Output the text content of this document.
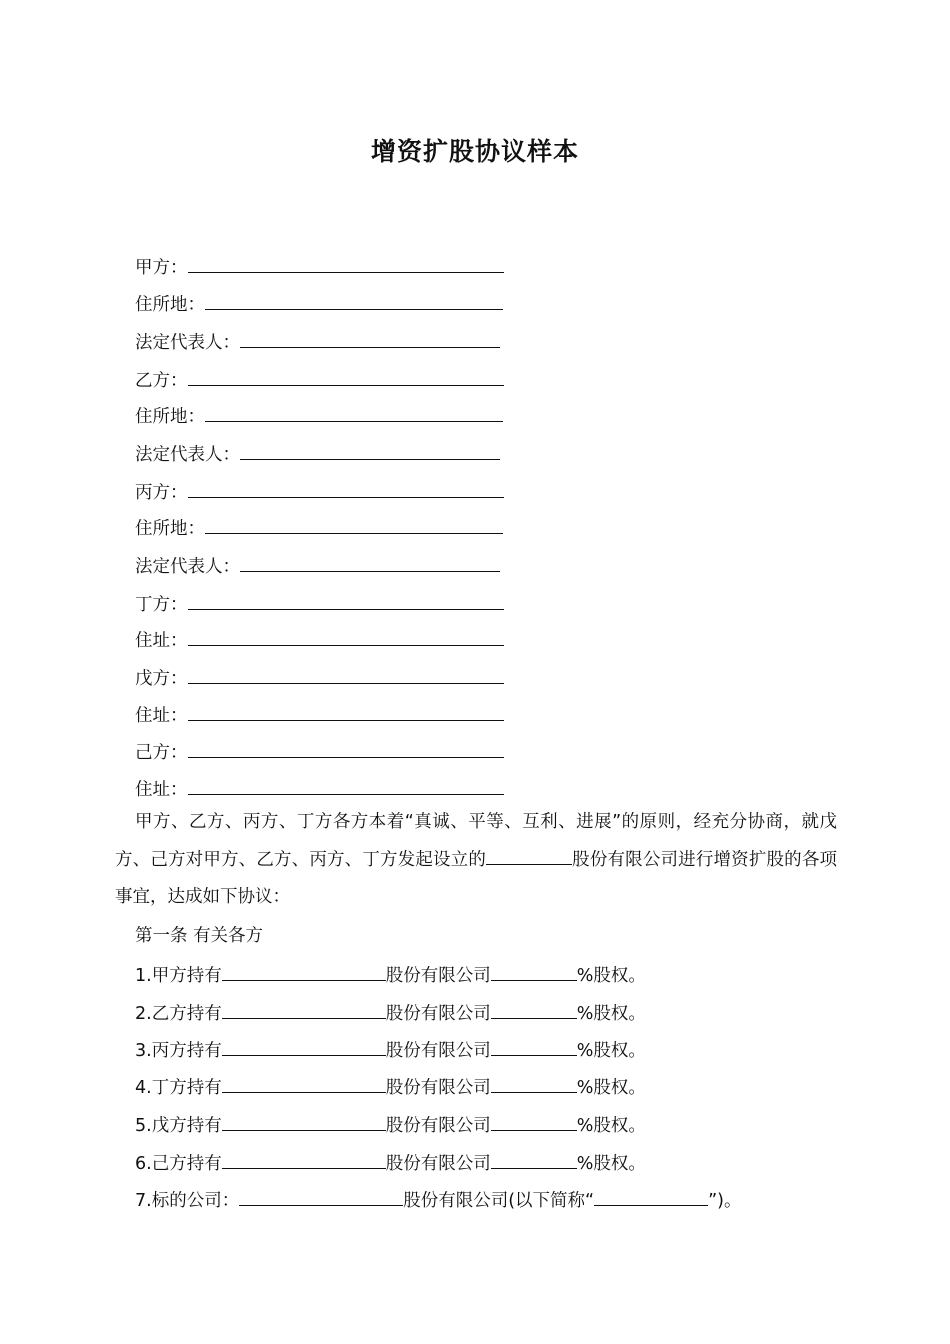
增资扩股协议样本
甲方：
住所地：
法定代表人：
乙方：
住所地：
法定代表人：
丙方：
住所地：
法定代表人：
丁方：
住址：
戊方：
住址：
己方：
住址：
甲方、乙方、丙方、丁方各方本着“真诚、平等、互利、进展”的原则，经充分协商，就戊方、己方对甲方、乙方、丙方、丁方发起设立的	股份有限公司进行增资扩股的各项事宜，达成如下协议：
第一条 有关各方
1.甲方持有	股份有限公司	%股权。
2.乙方持有	股份有限公司	%股权。
3.丙方持有	股份有限公司	%股权。
4.丁方持有	股份有限公司	%股权。
5.戊方持有	股份有限公司	%股权。
6.己方持有	股份有限公司	%股权。
7.标的公司：	股份有限公司(以下简称“	”)。
